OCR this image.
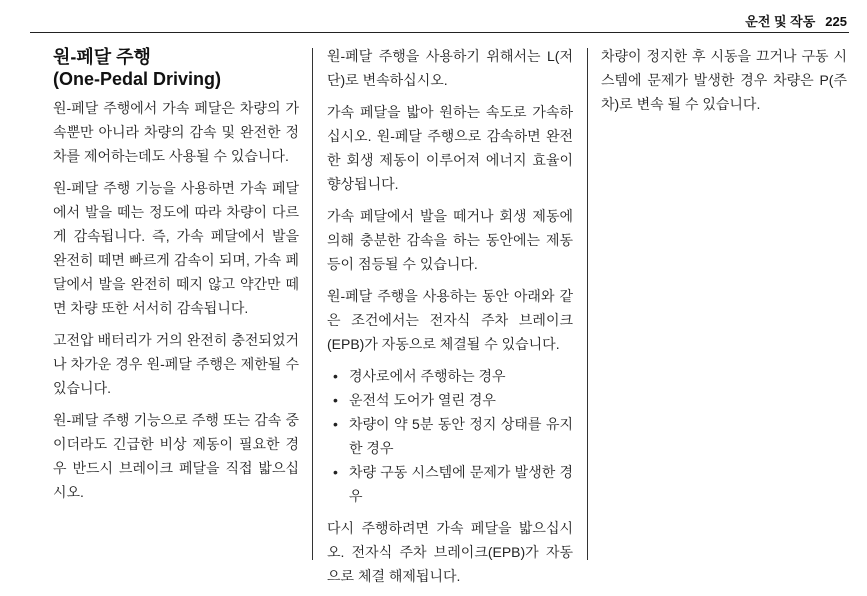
운전 및 작동 225
원-페달 주행
(One-Pedal Driving)

원-페달 주행에서 가속 페달은 차량의 가속뿐만 아니라 차량의 감속 및 완전한 정차를 제어하는데도 사용될 수 있습니다.

원-페달 주행 기능을 사용하면 가속 페달에서 발을 떼는 정도에 따라 차량이 다르게 감속됩니다. 즉, 가속 페달에서 발을 완전히 떼면 빠르게 감속이 되며, 가속 페달에서 발을 완전히 떼지 않고 약간만 떼면 차량 또한 서서히 감속됩니다.

고전압 배터리가 거의 완전히 충전되었거나 차가운 경우 원-페달 주행은 제한될 수 있습니다.

원-페달 주행 기능으로 주행 또는 감속 중이더라도 긴급한 비상 제동이 필요한 경우 반드시 브레이크 페달을 직접 밟으십시오.

원-페달 주행을 사용하기 위해서는 L(저단)로 변속하십시오.

가속 페달을 밟아 원하는 속도로 가속하십시오. 원-페달 주행으로 감속하면 완전한 회생 제동이 이루어져 에너지 효율이 향상됩니다.

가속 페달에서 발을 떼거나 회생 제동에 의해 충분한 감속을 하는 동안에는 제동등이 점등될 수 있습니다.

원-페달 주행을 사용하는 동안 아래와 같은 조건에서는 전자식 주차 브레이크(EPB)가 자동으로 체결될 수 있습니다.

• 경사로에서 주행하는 경우
• 운전석 도어가 열린 경우
• 차량이 약 5분 동안 정지 상태를 유지한 경우
• 차량 구동 시스템에 문제가 발생한 경우

다시 주행하려면 가속 페달을 밟으십시오. 전자식 주차 브레이크(EPB)가 자동으로 체결 해제됩니다.

차량이 정지한 후 시동을 끄거나 구동 시스템에 문제가 발생한 경우 차량은 P(주차)로 변속 될 수 있습니다.
